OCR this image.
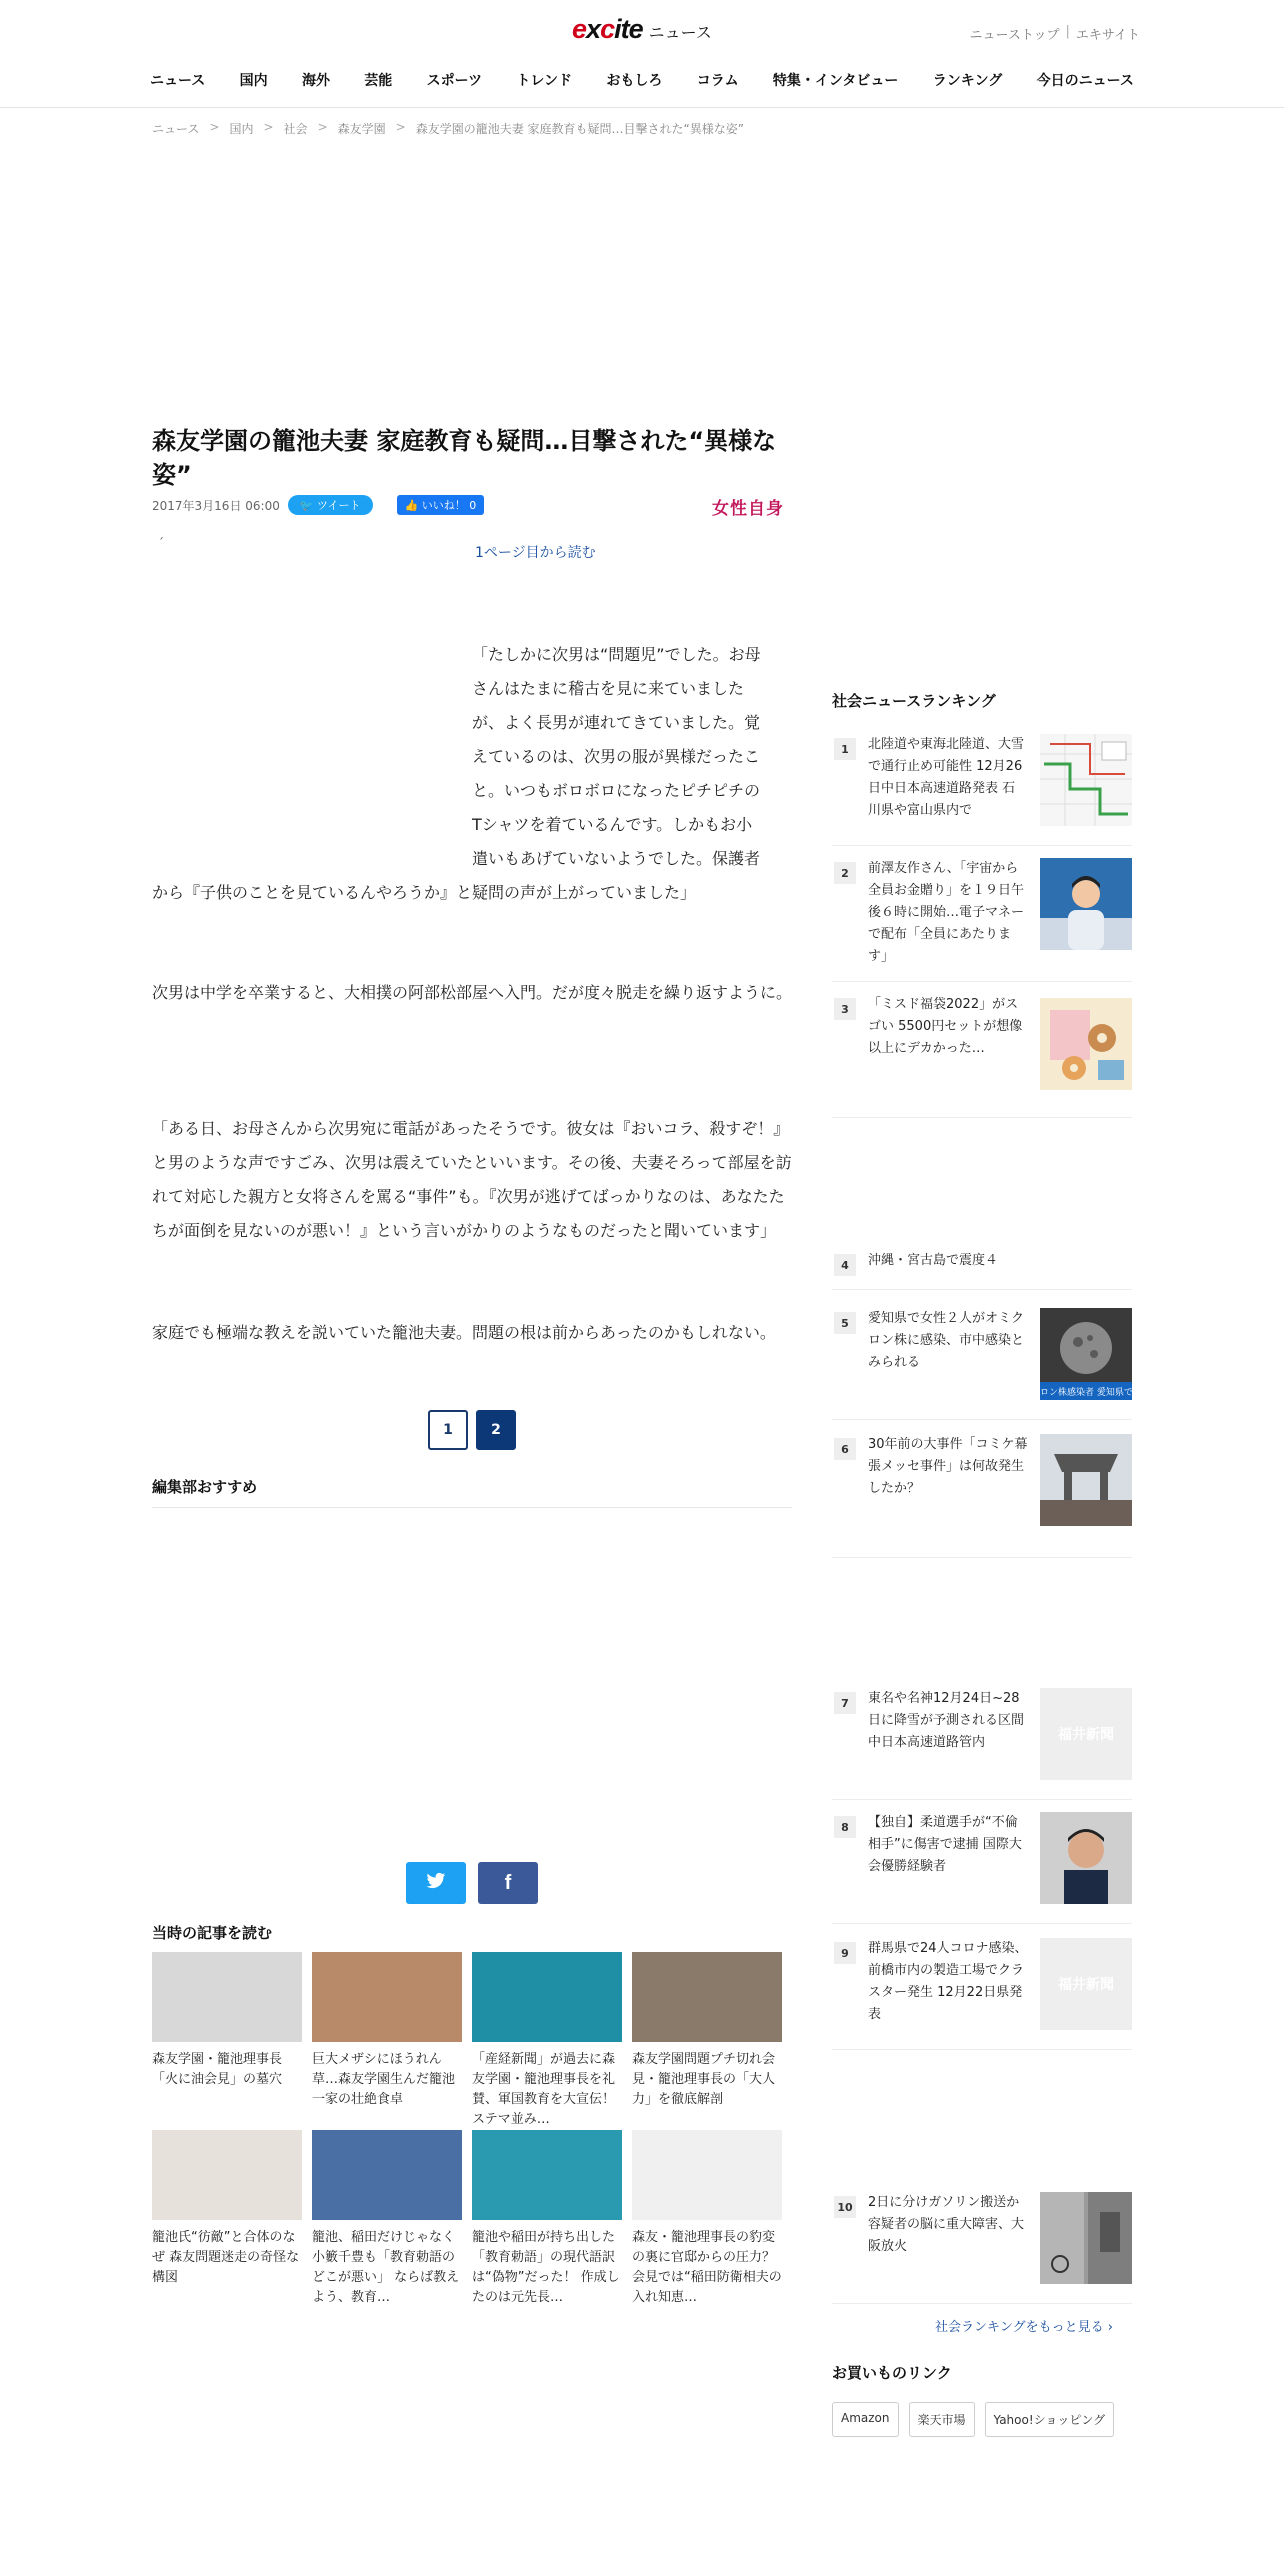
excite ニュース	ニューストップ | エキサイト
ニュース 国内 海外 芸能 スポーツ トレンド おもしろ コラム 特集・インタビュー ランキング 今日のニュース
ニュース > 国内 > 社会 > 森友学園 > 森友学園の籠池夫妻 家庭教育も疑問…目撃された“異様な姿”
森友学園の籠池夫妻 家庭教育も疑問…目撃された“異様な姿”
2017年3月16日 06:00	🐦 ツイート	👍 いいね！ 0	女性自身
´
1ページ目から読む
「たしかに次男は“問題児”でした。お母
さんはたまに稽古を見に来ていました
が、よく長男が連れてきていました。覚
えているのは、次男の服が異様だったこ
と。いつもボロボロになったピチピチの
Tシャツを着ているんです。しかもお小
遣いもあげていないようでした。保護者
から『子供のことを見ているんやろうか』と疑問の声が上がっていました」

次男は中学を卒業すると、大相撲の阿部松部屋へ入門。だが度々脱走を繰り返すように。

「ある日、お母さんから次男宛に電話があったそうです。彼女は『おいコラ、殺すぞ！』と男のような声ですごみ、次男は震えていたといいます。その後、夫妻そろって部屋を訪れて対応した親方と女将さんを罵る“事件”も。『次男が逃げてばっかりなのは、あなたたちが面倒を見ないのが悪い！』という言いがかりのようなものだったと聞いています」

家庭でも極端な教えを説いていた籠池夫妻。問題の根は前からあったのかもしれない。

1	2
編集部おすすめ
f
当時の記事を読む
森友学園・籠池理事長「火に油会見」の墓穴
巨大メザシにほうれん草…森友学園生んだ籠池一家の壮絶食卓
「産経新聞」が過去に森友学園・籠池理事長を礼賛、軍国教育を大宣伝！ ステマ並み…
森友学園問題プチ切れ会見・籠池理事長の「大人力」を徹底解剖
籠池氏“彷敵”と合体のなぜ 森友問題迷走の奇怪な構図
籠池、稲田だけじゃなく小籔千豊も「教育勅語のどこが悪い」 ならば教えよう、教育…
籠池や稲田が持ち出した「教育勅語」の現代語訳は“偽物”だった！ 作成したのは元先長…
森友・籠池理事長の豹変の裏に官邸からの圧力？ 会見では“稲田防衛相夫の入れ知恵…
社会ニュースランキング
1	北陸道や東海北陸道、大雪で通行止め可能性 12月26日中日本高速道路発表 石川県や富山県内で
2	前澤友作さん、「宇宙から全員お金贈り」を１９日午後６時に開始…電子マネーで配布「全員にあたります」
3	「ミスド福袋2022」がスゴい 5500円セットが想像以上にデカかった…
4	沖縄・宮古島で震度４
5	愛知県で女性２人がオミクロン株に感染、市中感染とみられる
ロン株感染者 愛知県で
6	30年前の大事件「コミケ幕張メッセ事件」は何故発生したか？
7	東名や名神12月24日~28日に降雪が予測される区間 中日本高速道路管内	福井新聞
8	【独自】柔道選手が“不倫相手”に傷害で逮捕 国際大会優勝経験者
9	群馬県で24人コロナ感染、前橋市内の製造工場でクラスター発生 12月22日県発表
福井新聞
10 2日に分けガソリン搬送か 容疑者の脳に重大障害、大阪放火
社会ランキングをもっと見る ›
お買いものリンク
Amazon	楽天市場	Yahoo!ショッピング
